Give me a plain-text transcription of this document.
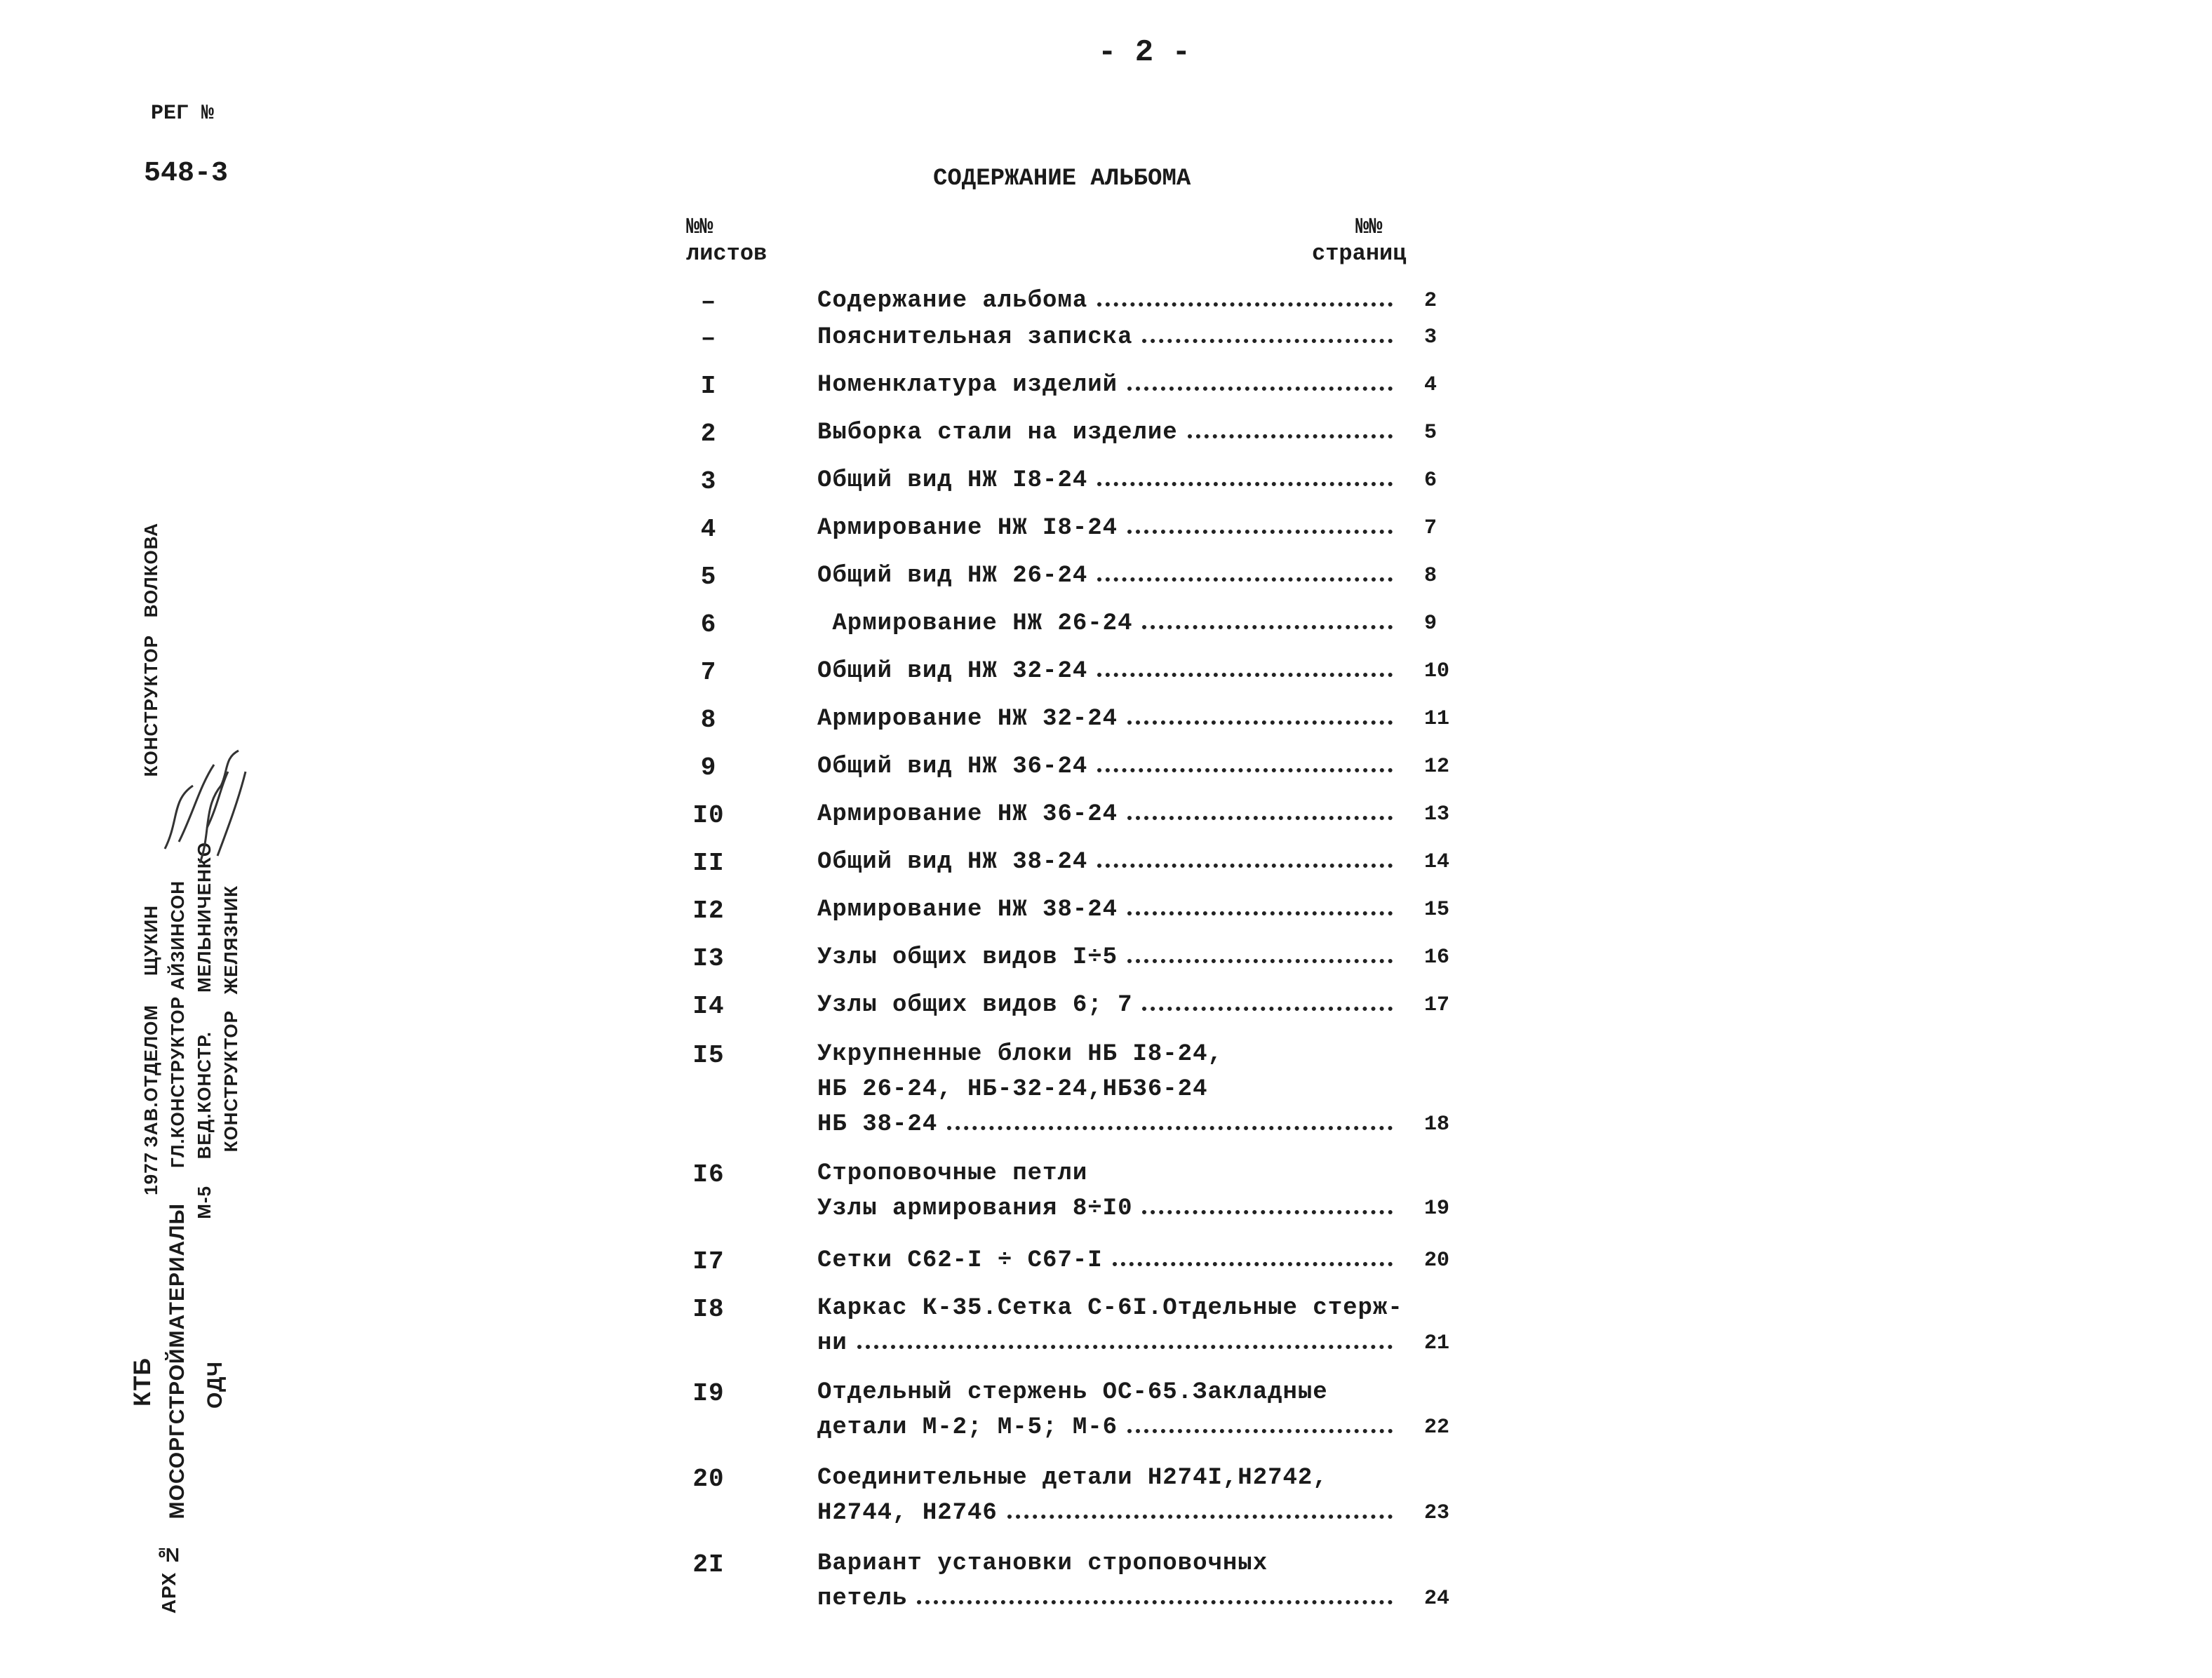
- 2 -
РЕГ №
548-3	СОДЕРЖАНИЕ АЛЬБОМА
№№
листов
№№
страниц
–	Содержание альбома	2
–	Пояснительная записка	3
I	Номенклатура изделий	4
2	Выборка стали на изделие	5
3	Общий вид НЖ I8-24	6
4	Армирование НЖ I8-24	7
5	Общий вид НЖ 26-24	8
6	Армирование НЖ 26-24	9
7	Общий вид НЖ 32-24	10
8	Армирование НЖ 32-24	11
9	Общий вид НЖ 36-24	12
I0	Армирование НЖ 36-24	13
II	Общий вид НЖ 38-24	14
I2	Армирование НЖ 38-24	15
I3	Узлы общих видов I÷5	16
I4	Узлы общих видов 6; 7	17
I5	Укрупненные блоки НБ I8-24,
НБ 26-24, НБ-32-24,НБ36-24
НБ 38-24	18
I6	Строповочные петли
Узлы армирования 8÷I0	19
I7	Сетки С62-I ÷ С67-I	20
I8	Каркас К-35.Сетка С-6I.Отдельные стерж-
ни	21
I9	Отдельный стержень ОС-65.Закладные
детали М-2; М-5; М-6	22
20	Соединительные детали Н274I,Н2742,
Н2744, Н2746	23
2I	Вариант установки строповочных
петель	24
КТБ МОСОРГСТРОЙМАТЕРИАЛЫ ОДЧ
1977
М-5
ЗАВ.ОТДЕЛОМ
ЩУКИН
ГЛ.КОНСТРУКТОР
АЙЗИНСОН
ВЕД.КОНСТР.
МЕЛЬНИЧЕНКО
КОНСТРУКТОР
ЖЕЛЯЗНИК
КОНСТРУКТОР
ВОЛКОВА
АРХ №
